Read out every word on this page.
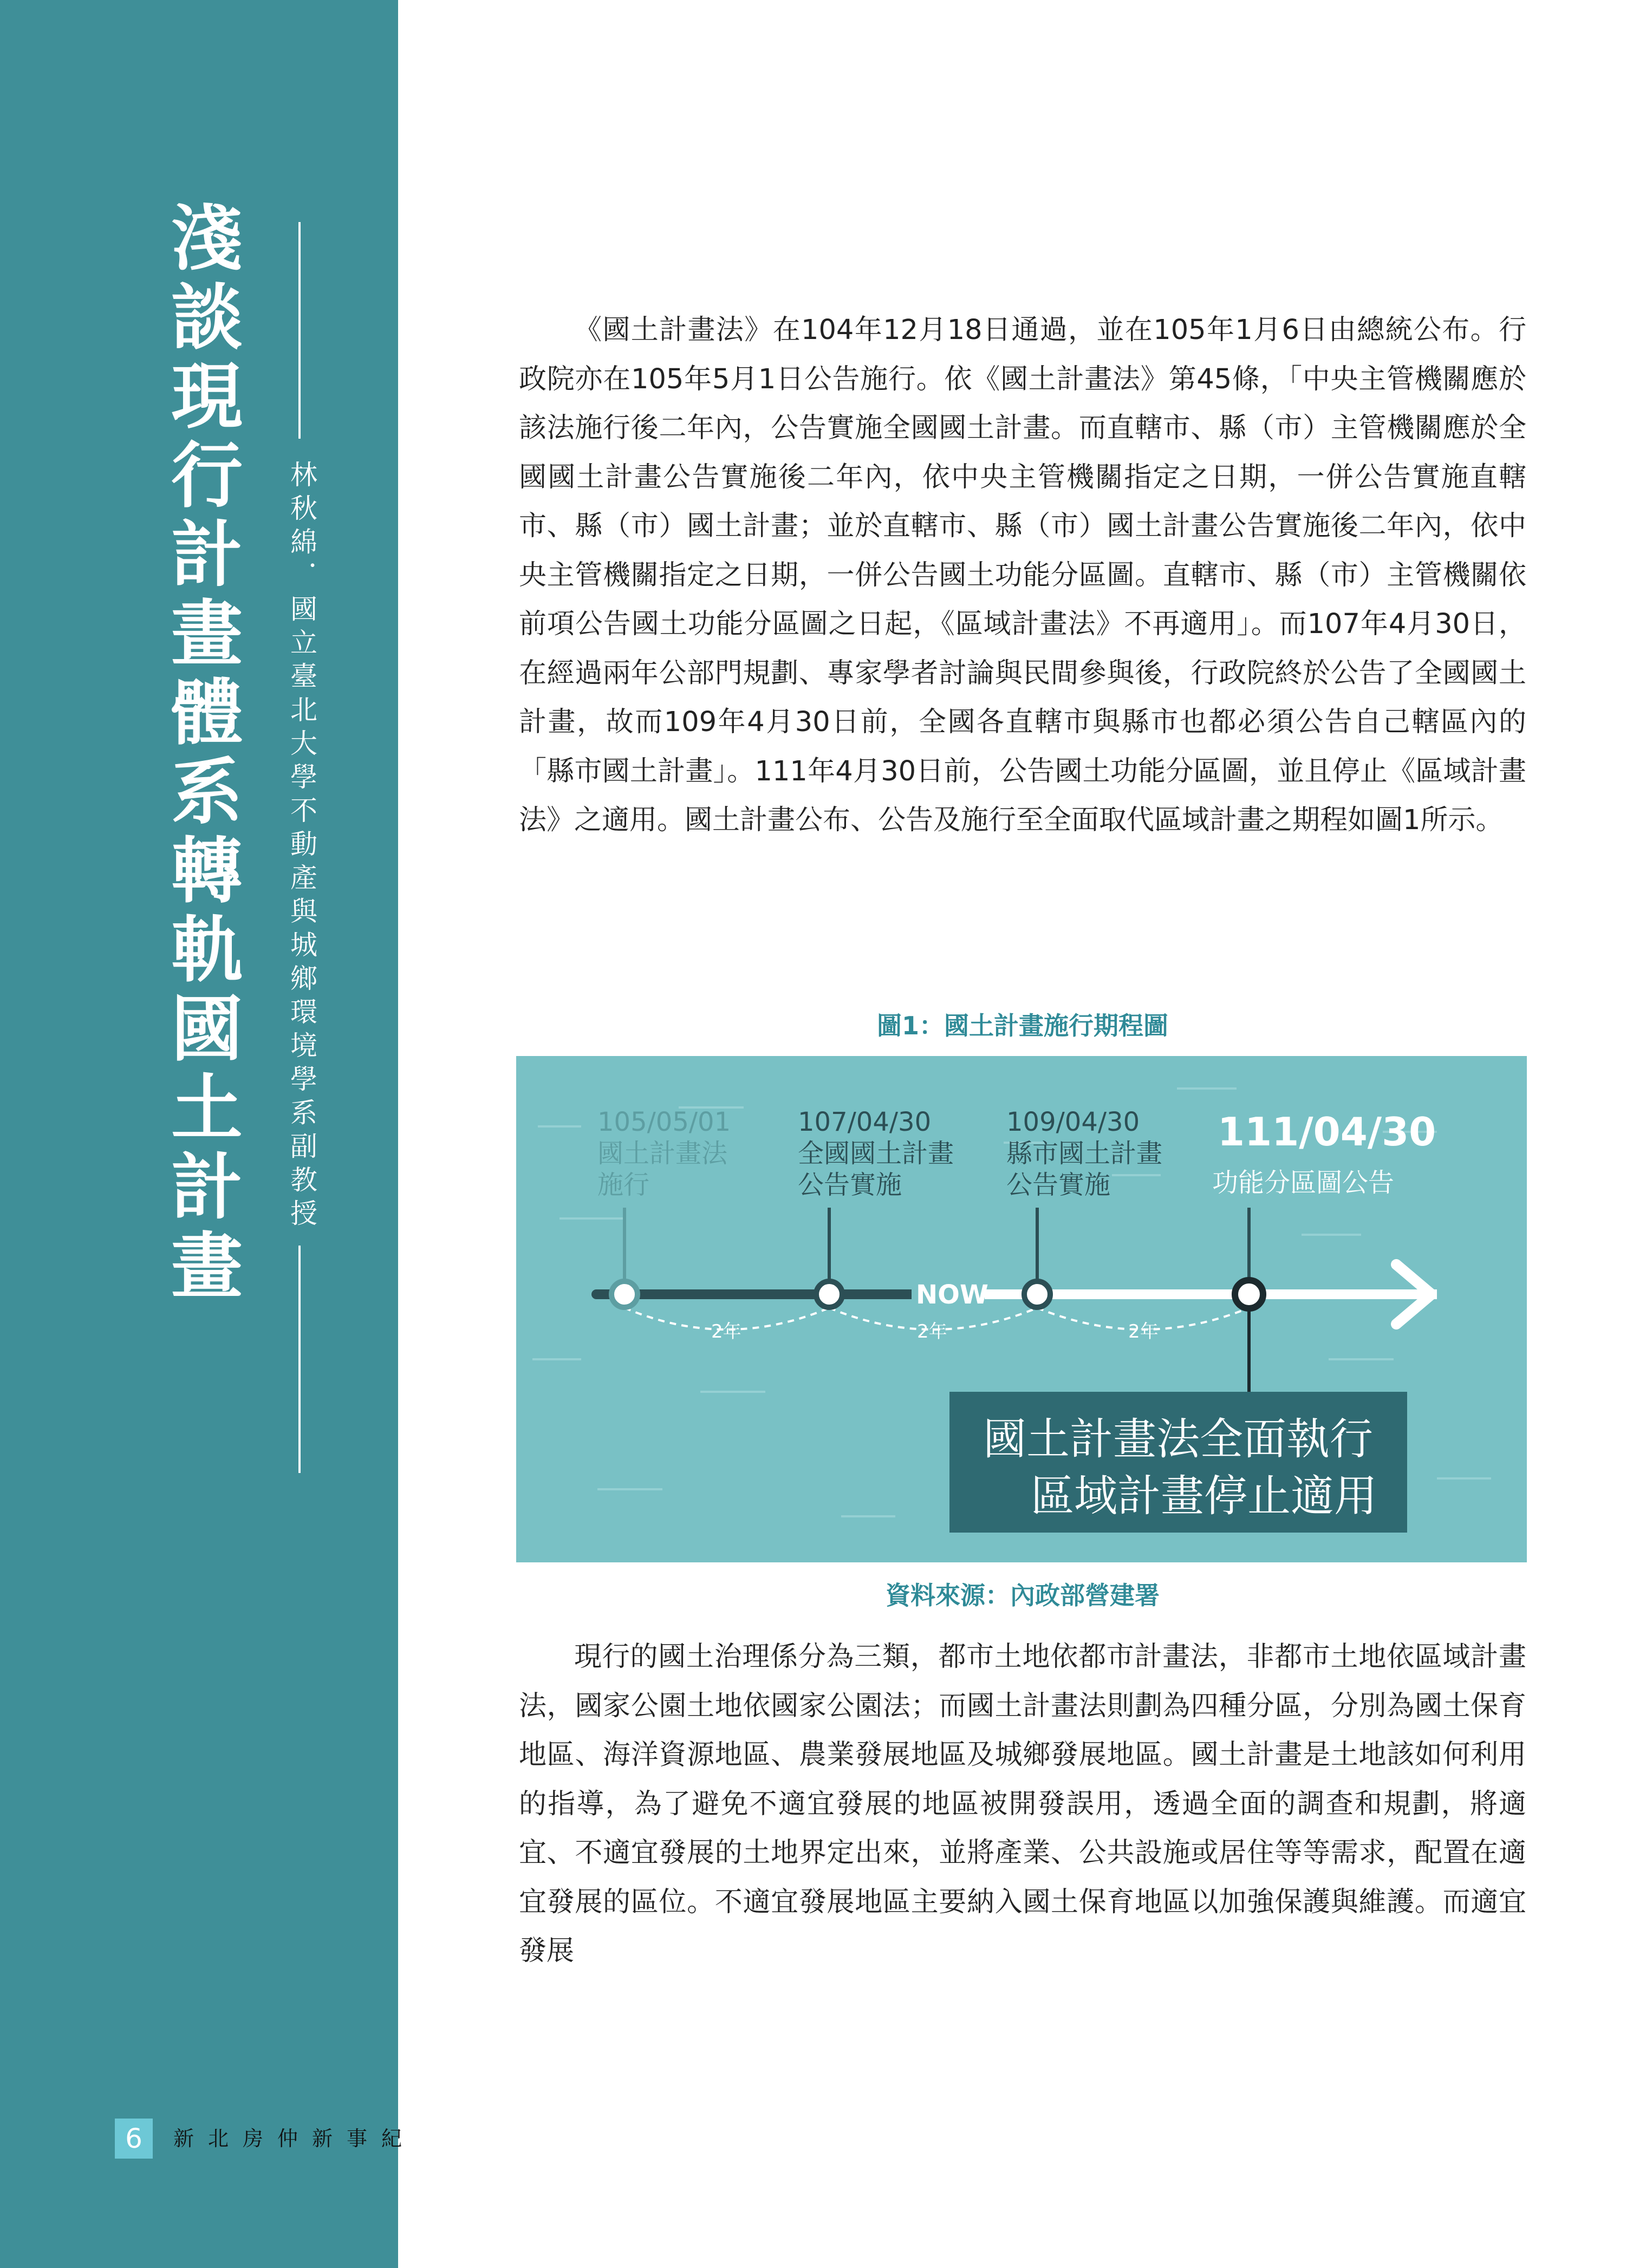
淺談現行計畫體系轉軌國土計畫 林秋綿．國立臺北大學不動產與城鄉環境學系副教授
6	新北房仲新事紀

《國土計畫法》在104年12月18日通過，並在105年1月6日由總統公布。行政院亦在105年5月1日公告施行。依《國土計畫法》第45條，「中央主管機關應於該法施行後二年內，公告實施全國國土計畫。而直轄市、縣（市）主管機關應於全國國土計畫公告實施後二年內，依中央主管機關指定之日期，一併公告實施直轄市、縣（市）國土計畫；並於直轄市、縣（市）國土計畫公告實施後二年內，依中央主管機關指定之日期，一併公告國土功能分區圖。直轄市、縣（市）主管機關依前項公告國土功能分區圖之日起，《區域計畫法》不再適用」。而107年4月30日，在經過兩年公部門規劃、專家學者討論與民間參與後，行政院終於公告了全國國土計畫，故而109年4月30日前，全國各直轄市與縣市也都必須公告自己轄區內的「縣市國土計畫」。111年4月30日前，公告國土功能分區圖，並且停止《區域計畫法》之適用。國土計畫公布、公告及施行至全面取代區域計畫之期程如圖1所示。

圖1：國土計畫施行期程圖
105/05/01
國土計畫法
施行
107/04/30
全國國土計畫
公告實施
109/04/30
縣市國土計畫
公告實施
111/04/30
功能分區圖公告
NOW
2年	2年	2年
國土計畫法全面執行
區域計畫停止適用
資料來源：內政部營建署

現行的國土治理係分為三類，都市土地依都市計畫法，非都市土地依區域計畫法，國家公園土地依國家公園法；而國土計畫法則劃為四種分區，分別為國土保育地區、海洋資源地區、農業發展地區及城鄉發展地區。國土計畫是土地該如何利用的指導，為了避免不適宜發展的地區被開發誤用，透過全面的調查和規劃，將適宜、不適宜發展的土地界定出來，並將產業、公共設施或居住等等需求，配置在適宜發展的區位。不適宜發展地區主要納入國土保育地區以加強保護與維護。而適宜發展
